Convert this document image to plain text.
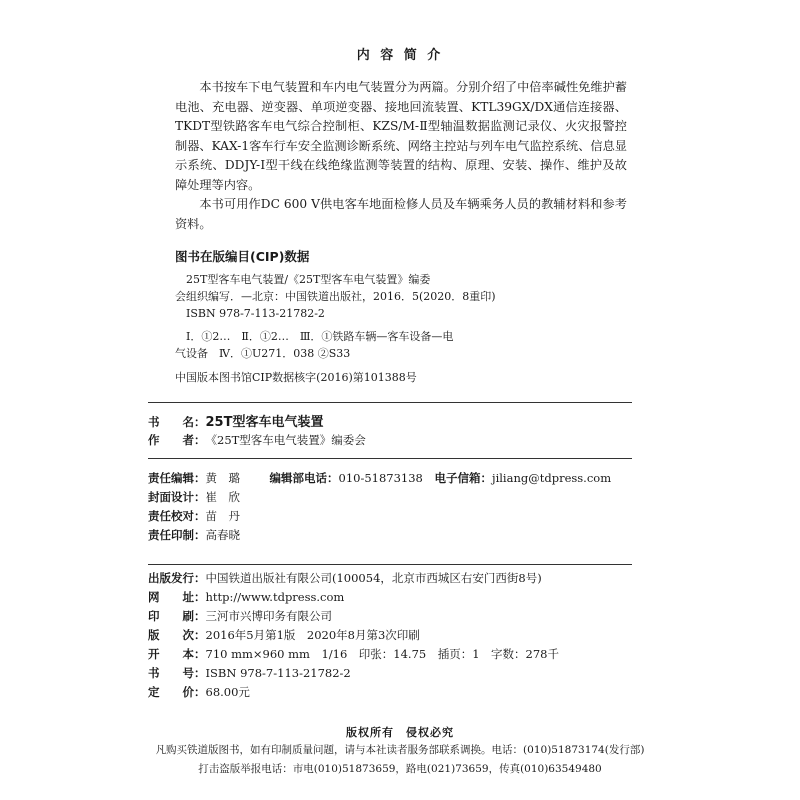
内 容 简 介

本书按车下电气装置和车内电气装置分为两篇。分别介绍了中倍率碱性免维护蓄电池、充电器、逆变器、单项逆变器、接地回流装置、KTL39GX/DX通信连接器、TKDT型铁路客车电气综合控制柜、KZS/M-Ⅱ型轴温数据监测记录仪、火灾报警控制器、KAX-1客车行车安全监测诊断系统、网络主控站与列车电气监控系统、信息显示系统、DDJY-Ⅰ型干线在线绝缘监测等装置的结构、原理、安装、操作、维护及故障处理等内容。

本书可用作DC 600 V供电客车地面检修人员及车辆乘务人员的教辅材料和参考资料。

图书在版编目(CIP)数据

25T型客车电气装置/《25T型客车电气装置》编委

会组织编写．—北京：中国铁道出版社，2016．5(2020．8重印)

ISBN 978-7-113-21782-2

Ⅰ．①2…　Ⅱ．①2…　Ⅲ．①铁路车辆—客车设备—电

气设备　Ⅳ．①U271．038 ②S33

中国版本图书馆CIP数据核字(2016)第101388号

书　　名：25T型客车电气装置
作　　者：《25T型客车电气装置》编委会
责任编辑：黄　璐	编辑部电话：010-51873138 电子信箱：jiliang@tdpress.com
封面设计：崔　欣
责任校对：苗　丹
责任印制：高春晓
出版发行：中国铁道出版社有限公司(100054，北京市西城区右安门西街8号)
网　　址：http://www.tdpress.com
印　　刷：三河市兴博印务有限公司
版　　次：2016年5月第1版　2020年8月第3次印刷
开　　本：710 mm×960 mm　1/16　印张：14.75　插页：1　字数：278千
书　　号：ISBN 978-7-113-21782-2
定　　价：68.00元
版权所有　侵权必究
凡购买铁道版图书，如有印制质量问题，请与本社读者服务部联系调换。电话：(010)51873174(发行部)
打击盗版举报电话：市电(010)51873659，路电(021)73659，传真(010)63549480
